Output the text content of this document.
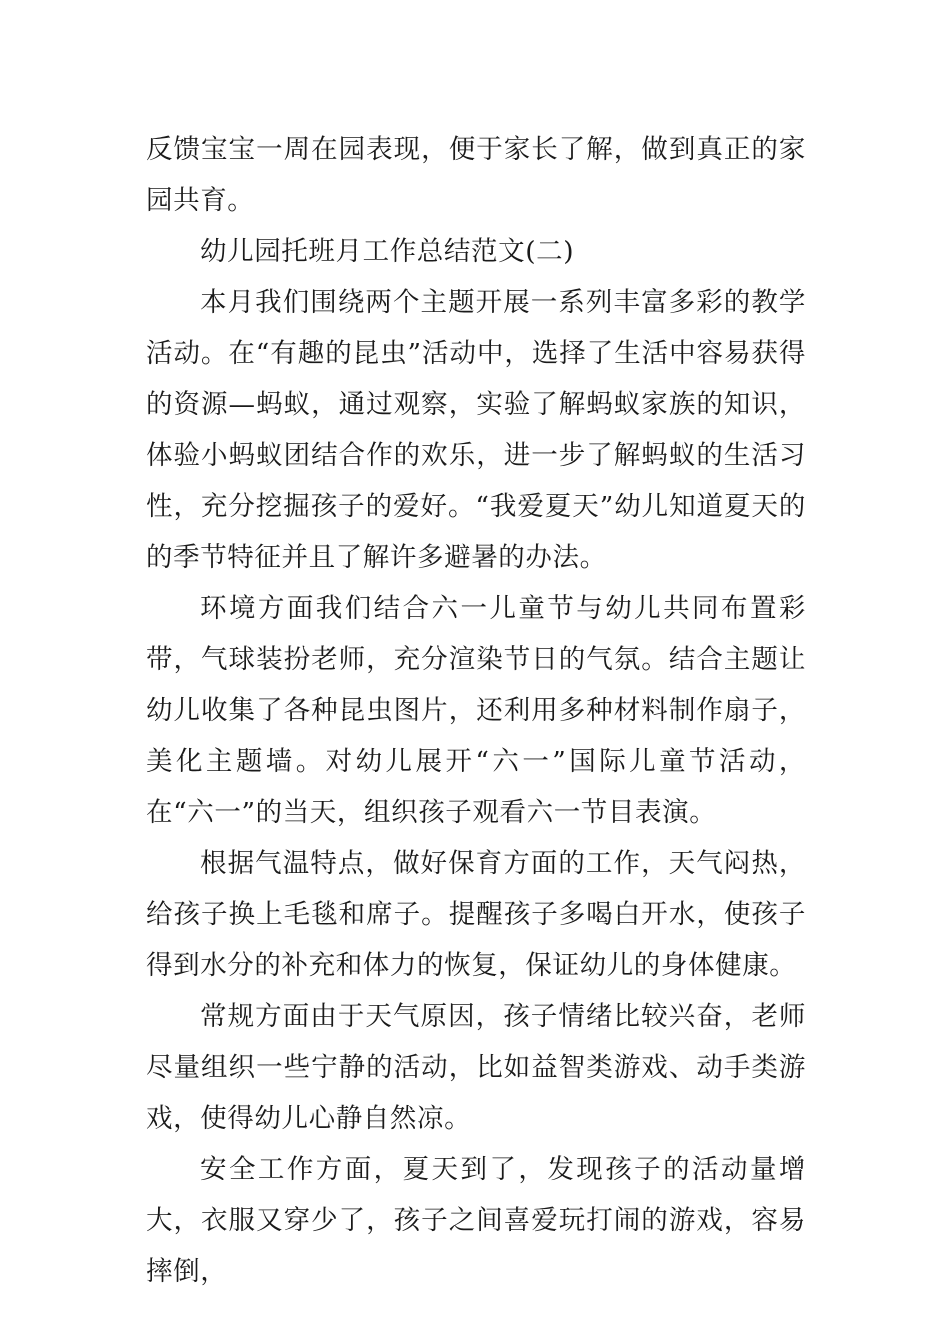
反馈宝宝一周在园表现，便于家长了解，做到真正的家园共育。

幼儿园托班月工作总结范文(二)

本月我们围绕两个主题开展一系列丰富多彩的教学活动。在“有趣的昆虫”活动中，选择了生活中容易获得的资源—蚂蚁，通过观察，实验了解蚂蚁家族的知识，体验小蚂蚁团结合作的欢乐，进一步了解蚂蚁的生活习性，充分挖掘孩子的爱好。“我爱夏天”幼儿知道夏天的的季节特征并且了解许多避暑的办法。

环境方面我们结合六一儿童节与幼儿共同布置彩带，气球装扮老师，充分渲染节日的气氛。结合主题让幼儿收集了各种昆虫图片，还利用多种材料制作扇子，美化主题墙。对幼儿展开“六一”国际儿童节活动，在“六一”的当天，组织孩子观看六一节目表演。

根据气温特点，做好保育方面的工作，天气闷热，给孩子换上毛毯和席子。提醒孩子多喝白开水，使孩子得到水分的补充和体力的恢复，保证幼儿的身体健康。

常规方面由于天气原因，孩子情绪比较兴奋，老师尽量组织一些宁静的活动，比如益智类游戏、动手类游戏，使得幼儿心静自然凉。

安全工作方面，夏天到了，发现孩子的活动量增大，衣服又穿少了，孩子之间喜爱玩打闹的游戏，容易摔倒，
